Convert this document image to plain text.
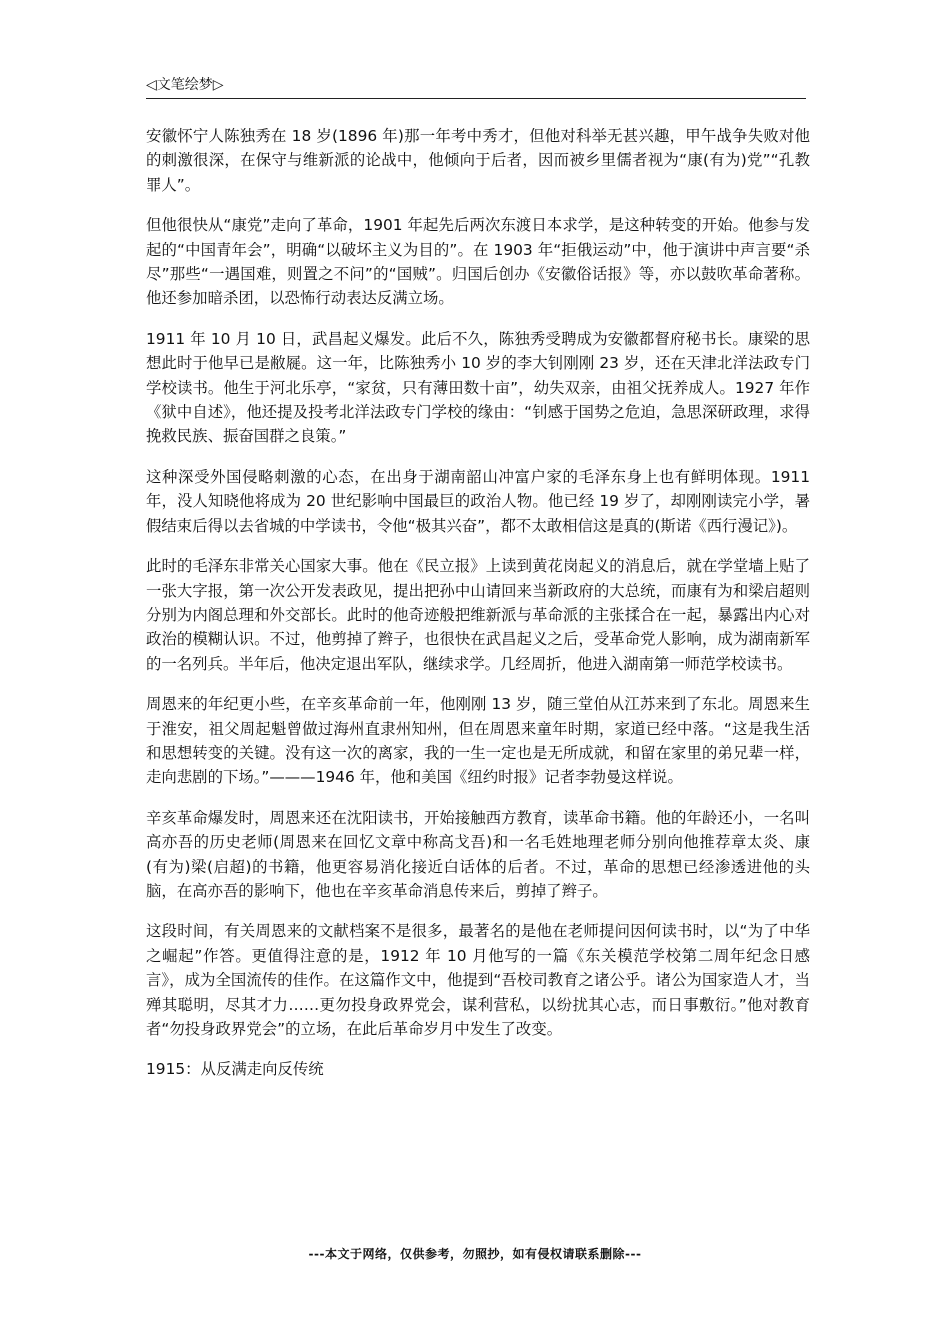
◁文笔绘梦▷

安徽怀宁人陈独秀在 18 岁(1896 年)那一年考中秀才，但他对科举无甚兴趣，甲午战争失败对他的刺激很深，在保守与维新派的论战中，他倾向于后者，因而被乡里儒者视为“康(有为)党”“孔教罪人”。

但他很快从“康党”走向了革命，1901 年起先后两次东渡日本求学，是这种转变的开始。他参与发起的“中国青年会”，明确“以破坏主义为目的”。在 1903 年“拒俄运动”中，他于演讲中声言要“杀尽”那些“一遇国难，则置之不问”的“国贼”。归国后创办《安徽俗话报》等，亦以鼓吹革命著称。他还参加暗杀团，以恐怖行动表达反满立场。

1911 年 10 月 10 日，武昌起义爆发。此后不久，陈独秀受聘成为安徽都督府秘书长。康梁的思想此时于他早已是敝屣。这一年，比陈独秀小 10 岁的李大钊刚刚 23 岁，还在天津北洋法政专门学校读书。他生于河北乐亭，“家贫，只有薄田数十亩”，幼失双亲，由祖父抚养成人。1927 年作《狱中自述》，他还提及投考北洋法政专门学校的缘由：“钊感于国势之危迫，急思深研政理，求得挽救民族、振奋国群之良策。”

这种深受外国侵略刺激的心态，在出身于湖南韶山冲富户家的毛泽东身上也有鲜明体现。1911 年，没人知晓他将成为 20 世纪影响中国最巨的政治人物。他已经 19 岁了，却刚刚读完小学，暑假结束后得以去省城的中学读书，令他“极其兴奋”，都不太敢相信这是真的(斯诺《西行漫记》)。

此时的毛泽东非常关心国家大事。他在《民立报》上读到黄花岗起义的消息后，就在学堂墙上贴了一张大字报，第一次公开发表政见，提出把孙中山请回来当新政府的大总统，而康有为和梁启超则分别为内阁总理和外交部长。此时的他奇迹般把维新派与革命派的主张揉合在一起，暴露出内心对政治的模糊认识。不过，他剪掉了辫子，也很快在武昌起义之后，受革命党人影响，成为湖南新军的一名列兵。半年后，他决定退出军队，继续求学。几经周折，他进入湖南第一师范学校读书。

周恩来的年纪更小些，在辛亥革命前一年，他刚刚 13 岁，随三堂伯从江苏来到了东北。周恩来生于淮安，祖父周起魁曾做过海州直隶州知州，但在周恩来童年时期，家道已经中落。“这是我生活和思想转变的关键。没有这一次的离家，我的一生一定也是无所成就，和留在家里的弟兄辈一样，走向悲剧的下场。”———1946 年，他和美国《纽约时报》记者李勃曼这样说。

辛亥革命爆发时，周恩来还在沈阳读书，开始接触西方教育，读革命书籍。他的年龄还小，一名叫高亦吾的历史老师(周恩来在回忆文章中称高戈吾)和一名毛姓地理老师分别向他推荐章太炎、康(有为)梁(启超)的书籍，他更容易消化接近白话体的后者。不过，革命的思想已经渗透进他的头脑，在高亦吾的影响下，他也在辛亥革命消息传来后，剪掉了辫子。

这段时间，有关周恩来的文献档案不是很多，最著名的是他在老师提问因何读书时，以“为了中华之崛起”作答。更值得注意的是，1912 年 10 月他写的一篇《东关模范学校第二周年纪念日感言》，成为全国流传的佳作。在这篇作文中，他提到“吾校司教育之诸公乎。诸公为国家造人才，当殚其聪明，尽其才力……更勿投身政界党会，谋利营私，以纷扰其心志，而日事敷衍。”他对教育者“勿投身政界党会”的立场，在此后革命岁月中发生了改变。

1915：从反满走向反传统

---本文于网络，仅供参考，勿照抄，如有侵权请联系删除---
